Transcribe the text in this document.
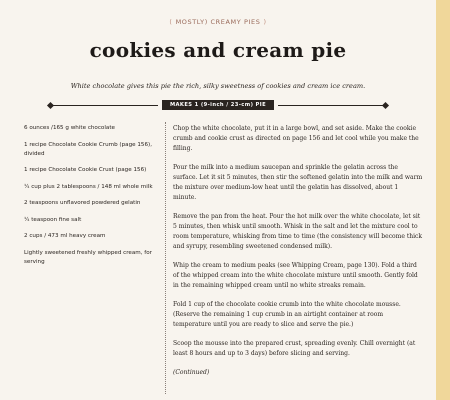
( MOSTLY) CREAMY PIES )
cookies and cream pie
White chocolate gives this pie the rich, silky sweetness of cookies and cream ice cream.
MAKES 1 (9-inch / 23-cm) PIE
6 ounces /165 g white chocolate
1 recipe Chocolate Cookie Crumb (page 156), divided
1 recipe Chocolate Cookie Crust (page 156)
¼ cup plus 2 tablespoons / 148 ml whole milk
2 teaspoons unflavored powdered gelatin
¼ teaspoon fine salt
2 cups / 473 ml heavy cream
Lightly sweetened freshly whipped cream, for serving

Chop the white chocolate, put it in a large bowl, and set aside. Make the cookie crumb and cookie crust as directed on page 156 and let cool while you make the filling.

Pour the milk into a medium saucepan and sprinkle the gelatin across the surface. Let it sit 5 minutes, then stir the softened gelatin into the milk and warm the mixture over medium-low heat until the gelatin has dissolved, about 1 minute.

Remove the pan from the heat. Pour the hot milk over the white chocolate, let sit 5 minutes, then whisk until smooth. Whisk in the salt and let the mixture cool to room temperature, whisking from time to time (the consistency will become thick and syrupy, resembling sweetened condensed milk).

Whip the cream to medium peaks (see Whipping Cream, page 130). Fold a third of the whipped cream into the white chocolate mixture until smooth. Gently fold in the remaining whipped cream until no white streaks remain.

Fold 1 cup of the chocolate cookie crumb into the white chocolate mousse. (Reserve the remaining 1 cup crumb in an airtight container at room temperature until you are ready to slice and serve the pie.)

Scoop the mousse into the prepared crust, spreading evenly. Chill overnight (at least 8 hours and up to 3 days) before slicing and serving.

(Continued)
